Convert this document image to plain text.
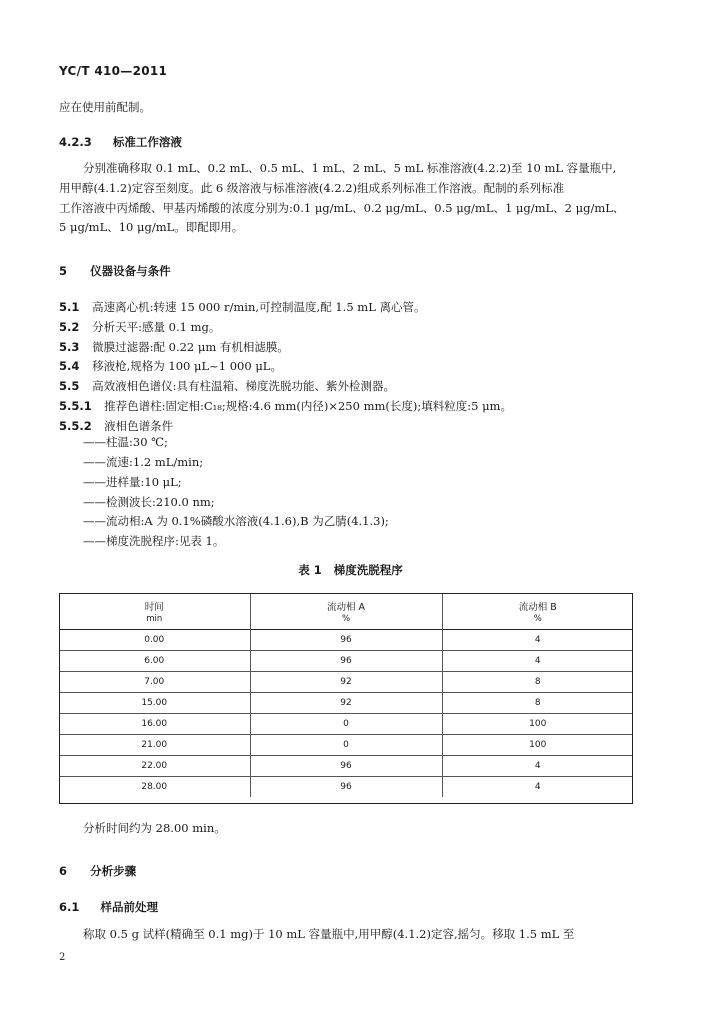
YC/T 410—2011
应在使用前配制。
4.2.3 标准工作溶液
分别准确移取 0.1 mL、0.2 mL、0.5 mL、1 mL、2 mL、5 mL 标准溶液(4.2.2)至 10 mL 容量瓶中,
用甲醇(4.1.2)定容至刻度。此 6 级溶液与标准溶液(4.2.2)组成系列标准工作溶液。配制的系列标准
工作溶液中丙烯酸、甲基丙烯酸的浓度分别为:0.1 μg/mL、0.2 μg/mL、0.5 μg/mL、1 μg/mL、2 μg/mL、
5 μg/mL、10 μg/mL。即配即用。
5 仪器设备与条件
5.1 高速离心机:转速 15 000 r/min,可控制温度,配 1.5 mL 离心管。
5.2 分析天平:感量 0.1 mg。
5.3 微膜过滤器:配 0.22 μm 有机相滤膜。
5.4 移液枪,规格为 100 μL~1 000 μL。
5.5 高效液相色谱仪:具有柱温箱、梯度洗脱功能、紫外检测器。
5.5.1 推荐色谱柱:固定相:C₁₈;规格:4.6 mm(内径)×250 mm(长度);填料粒度:5 μm。
5.5.2 液相色谱条件
——柱温:30 ℃;
——流速:1.2 mL/min;
——进样量:10 μL;
——检测波长:210.0 nm;
——流动相:A 为 0.1%磷酸水溶液(4.1.6),B 为乙腈(4.1.3);
——梯度洗脱程序:见表 1。
表 1   梯度洗脱程序
时间	流动相 A	流动相 B
min	%	%
0.00	96	4
6.00	96	4
7.00	92	8
15.00	92	8
16.00	0	100
21.00	0	100
22.00	96	4
28.00	96	4
分析时间约为 28.00 min。
6 分析步骤
6.1 样品前处理
称取 0.5 g 试样(精确至 0.1 mg)于 10 mL 容量瓶中,用甲醇(4.1.2)定容,摇匀。移取 1.5 mL 至
2
